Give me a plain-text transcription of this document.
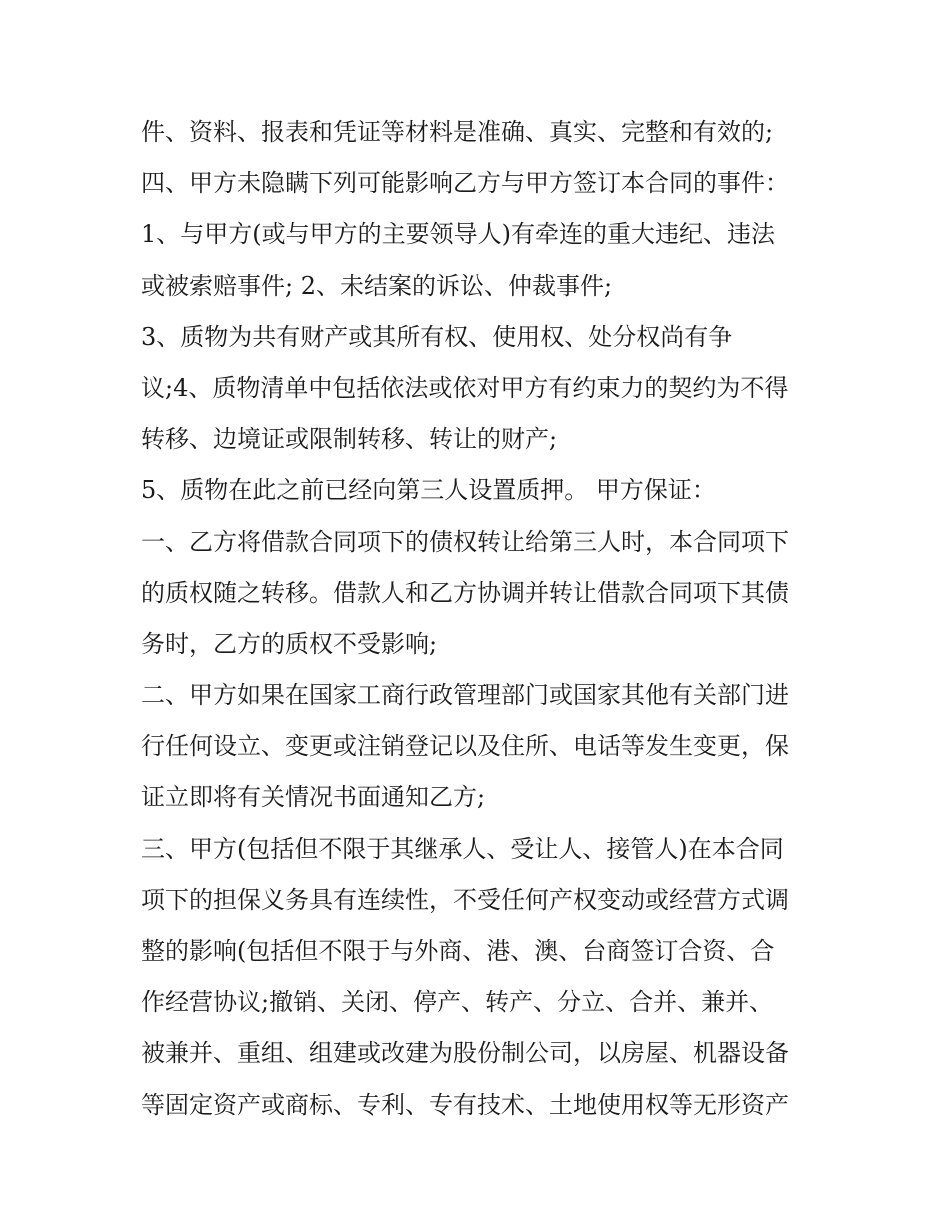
件、资料、报表和凭证等材料是准确、真实、完整和有效的;
四、甲方未隐瞒下列可能影响乙方与甲方签订本合同的事件：
1、与甲方(或与甲方的主要领导人)有牵连的重大违纪、违法
或被索赔事件; 2、未结案的诉讼、仲裁事件;
3、质物为共有财产或其所有权、使用权、处分权尚有争
议;4、质物清单中包括依法或依对甲方有约束力的契约为不得
转移、边境证或限制转移、转让的财产;
5、质物在此之前已经向第三人设置质押。 甲方保证：
一、乙方将借款合同项下的债权转让给第三人时，本合同项下
的质权随之转移。借款人和乙方协调并转让借款合同项下其债
务时，乙方的质权不受影响;
二、甲方如果在国家工商行政管理部门或国家其他有关部门进
行任何设立、变更或注销登记以及住所、电话等发生变更，保
证立即将有关情况书面通知乙方;
三、甲方(包括但不限于其继承人、受让人、接管人)在本合同
项下的担保义务具有连续性，不受任何产权变动或经营方式调
整的影响(包括但不限于与外商、港、澳、台商签订合资、合
作经营协议;撤销、关闭、停产、转产、分立、合并、兼并、
被兼并、重组、组建或改建为股份制公司，以房屋、机器设备
等固定资产或商标、专利、专有技术、土地使用权等无形资产
